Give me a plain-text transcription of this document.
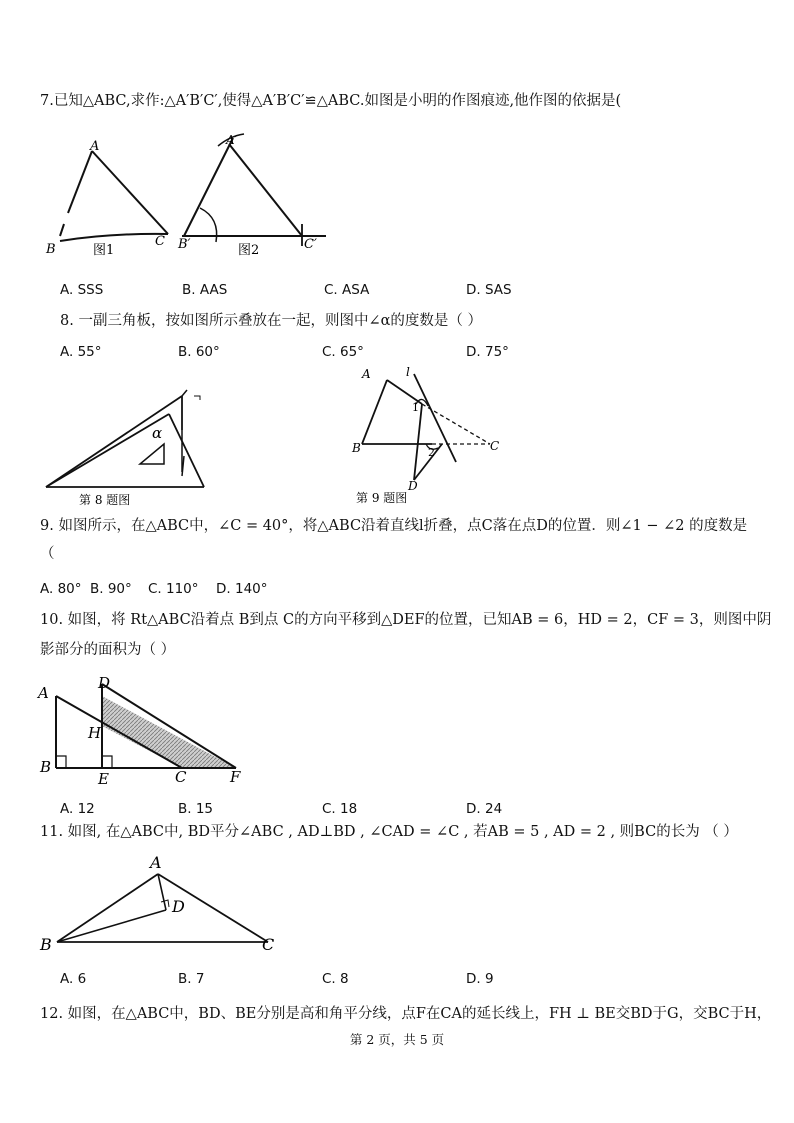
7.已知△ABC,求作:△A′B′C′,使得△A′B′C′≌△ABC.如图是小明的作图痕迹,他作图的依据是(
A
B
C
图1
A′
B′	C′
图2
A. SSS	B. AAS	C. ASA	D. SAS
8. 一副三角板，按如图所示叠放在一起，则图中∠α的度数是（ ）
A. 55°	B. 60°	C. 65°	D. 75°
α
第 8 题图
A	l
B	C
D
1
2
第 9 题图
9. 如图所示，在△ABC中，∠C = 40°，将△ABC沿着直线l折叠，点C落在点D的位置．则∠1 − ∠2 的度数是
（
A. 80° B. 90° C. 110° D. 140°
10. 如图，将 Rt△ABC沿着点 B到点 C的方向平移到△DEF的位置，已知AB = 6，HD = 2，CF = 3，则图中阴
影部分的面积为（ ）
A
D
H
B
E	C	F
A. 12	B. 15	C. 18	D. 24
11. 如图, 在△ABC中, BD平分∠ABC , AD⊥BD , ∠CAD = ∠C , 若AB = 5 , AD = 2 , 则BC的长为 （ ）
A
D
B	C
A. 6	B. 7	C. 8	D. 9
12. 如图，在△ABC中，BD、BE分别是高和角平分线，点F在CA的延长线上，FH ⊥ BE交BD于G，交BC于H，
第 2 页，共 5 页
